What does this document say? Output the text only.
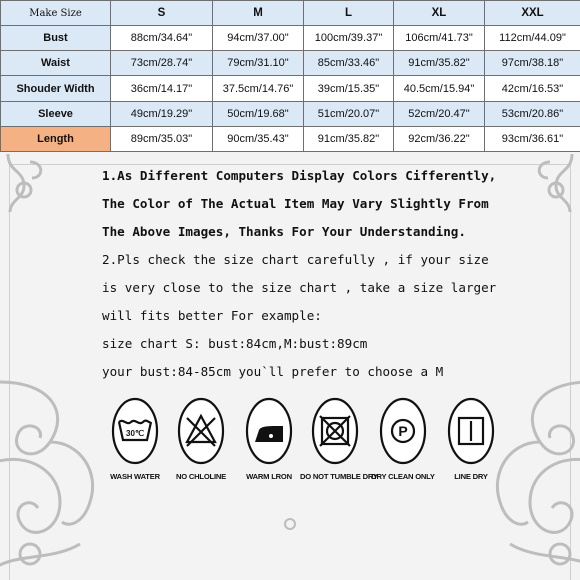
Make Size	S	M	L	XL	XXL
Bust	88cm/34.64"	94cm/37.00"	100cm/39.37"	106cm/41.73"	112cm/44.09"
Waist	73cm/28.74"	79cm/31.10"	85cm/33.46"	91cm/35.82"	97cm/38.18"
Shouder Width	36cm/14.17"	37.5cm/14.76"	39cm/15.35"	40.5cm/15.94"	42cm/16.53"
Sleeve	49cm/19.29"	50cm/19.68"	51cm/20.07"	52cm/20.47"	53cm/20.86"
Length	89cm/35.03"	90cm/35.43"	91cm/35.82"	92cm/36.22"	93cm/36.61"
1.As Different Computers Display Colors Cifferently,
The Color of The Actual Item May Vary Slightly From
The Above Images, Thanks For Your Understanding.
2.Pls check the size chart carefully , if your size
is very close to the size chart , take a size larger
will fits better For example:
size chart S: bust:84cm,M:bust:89cm
your bust:84-85cm you`ll prefer to choose a M
30℃
WASH WATER	NO CHLOLINE	WARM LRON	DO NOT TUMBLE DRY
P
DRY CLEAN ONLY	LINE DRY
